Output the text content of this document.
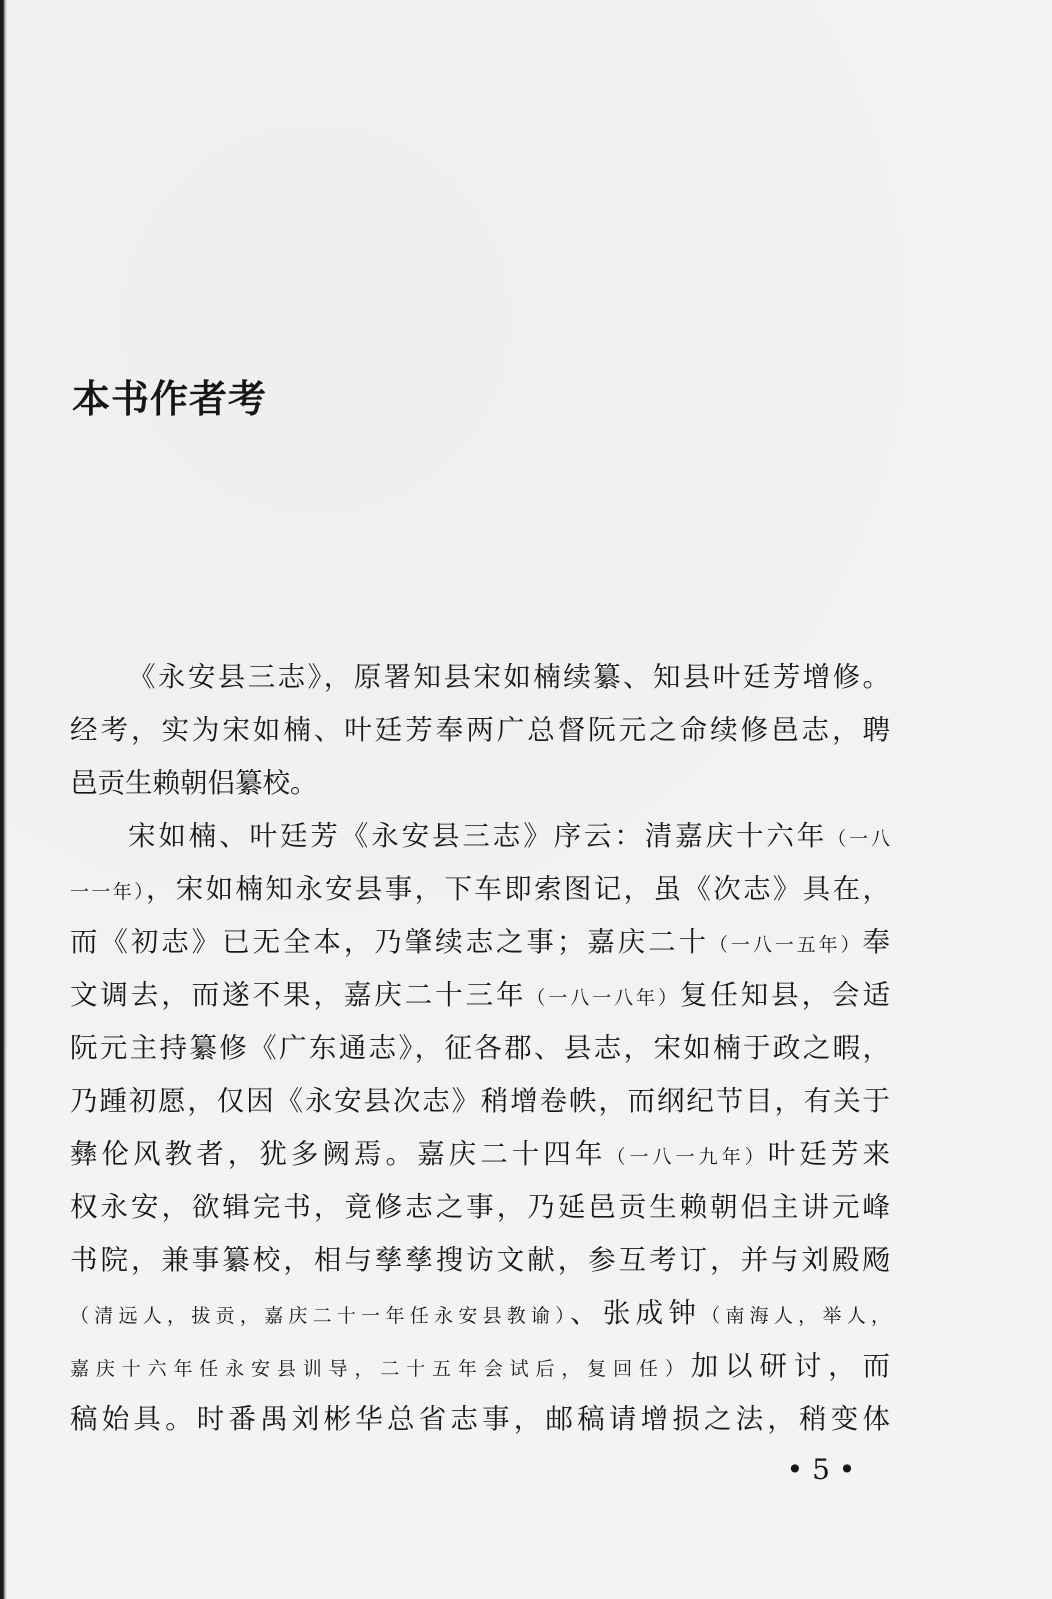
本书作者考
《永安县三志》，原署知县宋如楠续纂、知县叶廷芳增修。
经考，实为宋如楠、叶廷芳奉两广总督阮元之命续修邑志，聘
邑贡生赖朝侣纂校。
宋如楠、叶廷芳《永安县三志》序云：清嘉庆十六年（一八
一一年），宋如楠知永安县事，下车即索图记，虽《次志》具在，
而《初志》已无全本，乃肇续志之事；嘉庆二十（一八一五年）奉
文调去，而遂不果，嘉庆二十三年（一八一八年）复任知县，会适
阮元主持纂修《广东通志》，征各郡、县志，宋如楠于政之暇，
乃踵初愿，仅因《永安县次志》稍增卷帙，而纲纪节目，有关于
彝伦风教者，犹多阙焉。嘉庆二十四年（一八一九年）叶廷芳来
权永安，欲辑完书，竟修志之事，乃延邑贡生赖朝侣主讲元峰
书院，兼事纂校，相与孳孳搜访文献，参互考订，并与刘殿飏
（清远人，拔贡，嘉庆二十一年任永安县教谕）、张成钟（南海人，举人，
嘉庆十六年任永安县训导，二十五年会试后，复回任）加以研讨，而
稿始具。时番禺刘彬华总省志事，邮稿请增损之法，稍变体
• 5 •
